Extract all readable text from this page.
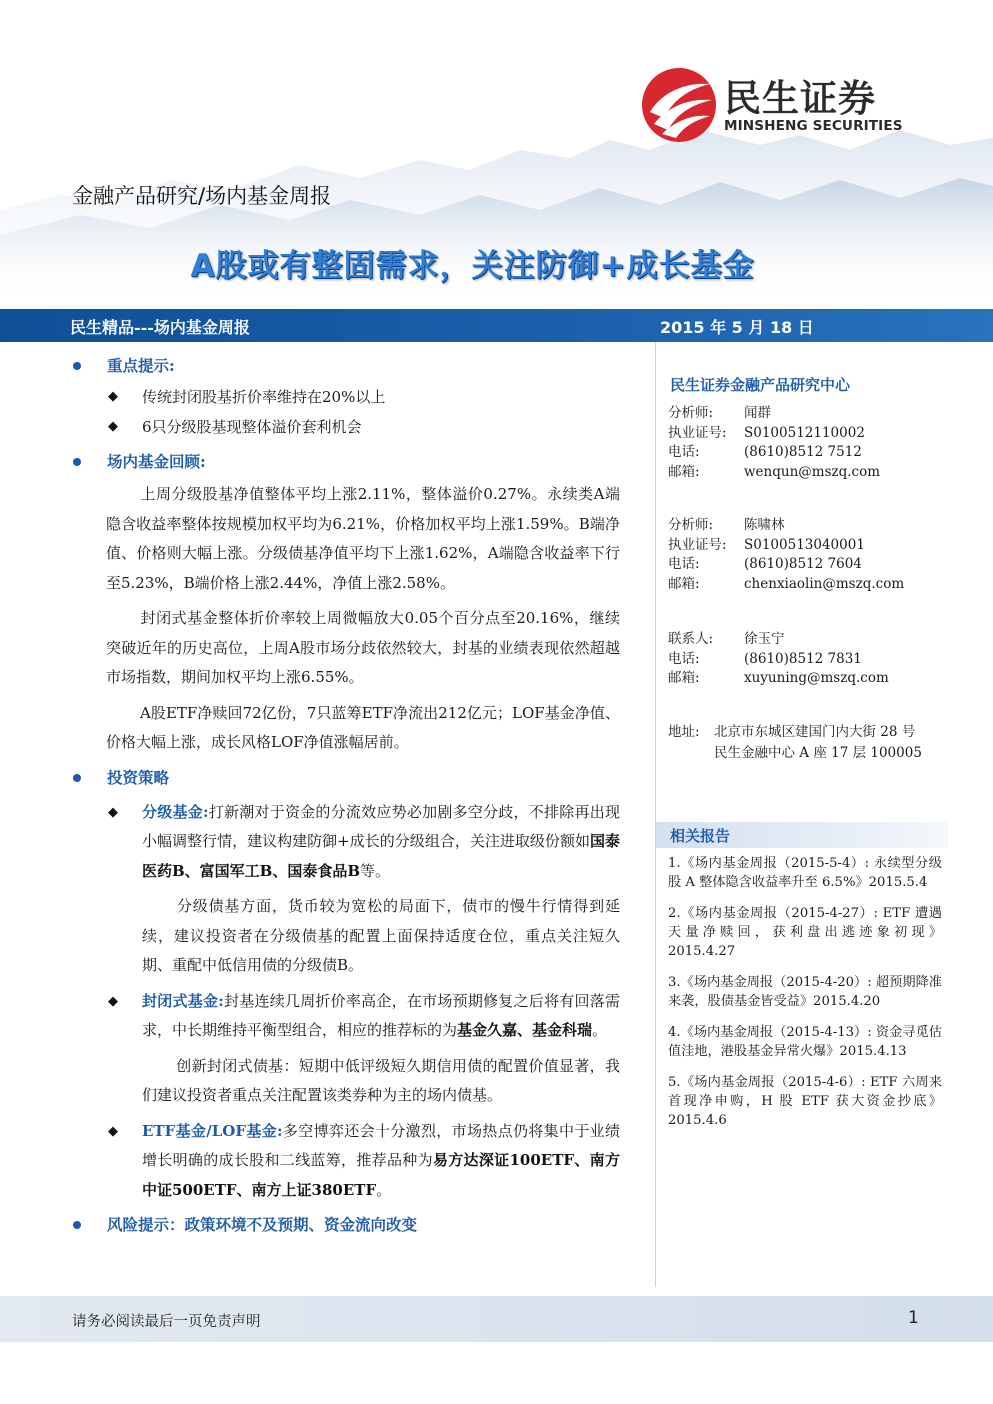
民生证券
MINSHENG SECURITIES
金融产品研究/场内基金周报
A股或有整固需求，关注防御+成长基金
民生精品---场内基金周报	2015 年 5 月 18 日
重点提示:
◆ 传统封闭股基折价率维持在20%以上
◆ 6只分级股基现整体溢价套利机会
场内基金回顾:

上周分级股基净值整体平均上涨2.11%，整体溢价0.27%。永续类A端隐含收益率整体按规模加权平均为6.21%，价格加权平均上涨1.59%。B端净值、价格则大幅上涨。分级债基净值平均下上涨1.62%，A端隐含收益率下行至5.23%，B端价格上涨2.44%，净值上涨2.58%。

封闭式基金整体折价率较上周微幅放大0.05个百分点至20.16%，继续突破近年的历史高位，上周A股市场分歧依然较大，封基的业绩表现依然超越市场指数，期间加权平均上涨6.55%。

A股ETF净赎回72亿份，7只蓝筹ETF净流出212亿元；LOF基金净值、价格大幅上涨，成长风格LOF净值涨幅居前。

投资策略

◆ 分级基金:打新潮对于资金的分流效应势必加剧多空分歧，不排除再出现小幅调整行情，建议构建防御+成长的分级组合，关注进取级份额如国泰医药B、富国军工B、国泰食品B等。

分级债基方面，货币较为宽松的局面下，债市的慢牛行情得到延续，建议投资者在分级债基的配置上面保持适度仓位，重点关注短久期、重配中低信用债的分级债B。

◆ 封闭式基金:封基连续几周折价率高企，在市场预期修复之后将有回落需求，中长期维持平衡型组合，相应的推荐标的为基金久嘉、基金科瑞。

创新封闭式债基：短期中低评级短久期信用债的配置价值显著，我们建议投资者重点关注配置该类券种为主的场内债基。

◆ ETF基金/LOF基金:多空博弈还会十分激烈，市场热点仍将集中于业绩增长明确的成长股和二线蓝筹，推荐品种为易方达深证100ETF、南方中证500ETF、南方上证380ETF。

风险提示：政策环境不及预期、资金流向改变
民生证券金融产品研究中心
分析师: 闻群
执业证号: S0100512110002
电话:	(8610)8512 7512
邮箱:	wenqun@mszq.com
分析师: 陈啸林
执业证号: S0100513040001
电话:	(8610)8512 7604
邮箱:	chenxiaolin@mszq.com
联系人: 徐玉宁
电话:	(8610)8512 7831
邮箱:	xuyuning@mszq.com
地址: 北京市东城区建国门内大街 28 号
民生金融中心 A 座 17 层 100005
相关报告

1.《场内基金周报（2015-5-4）: 永续型分级股 A 整体隐含收益率升至 6.5%》2015.5.4

2.《场内基金周报（2015-4-27）: ETF 遭遇天量净赎回，获利盘出逃迹象初现》2015.4.27

3.《场内基金周报（2015-4-20）: 超预期降准来袭，股债基金皆受益》2015.4.20

4.《场内基金周报（2015-4-13）: 资金寻觅估值洼地，港股基金异常火爆》2015.4.13

5.《场内基金周报（2015-4-6）: ETF 六周来首现净申购，H 股 ETF 获大资金抄底》2015.4.6

请务必阅读最后一页免责声明	1
